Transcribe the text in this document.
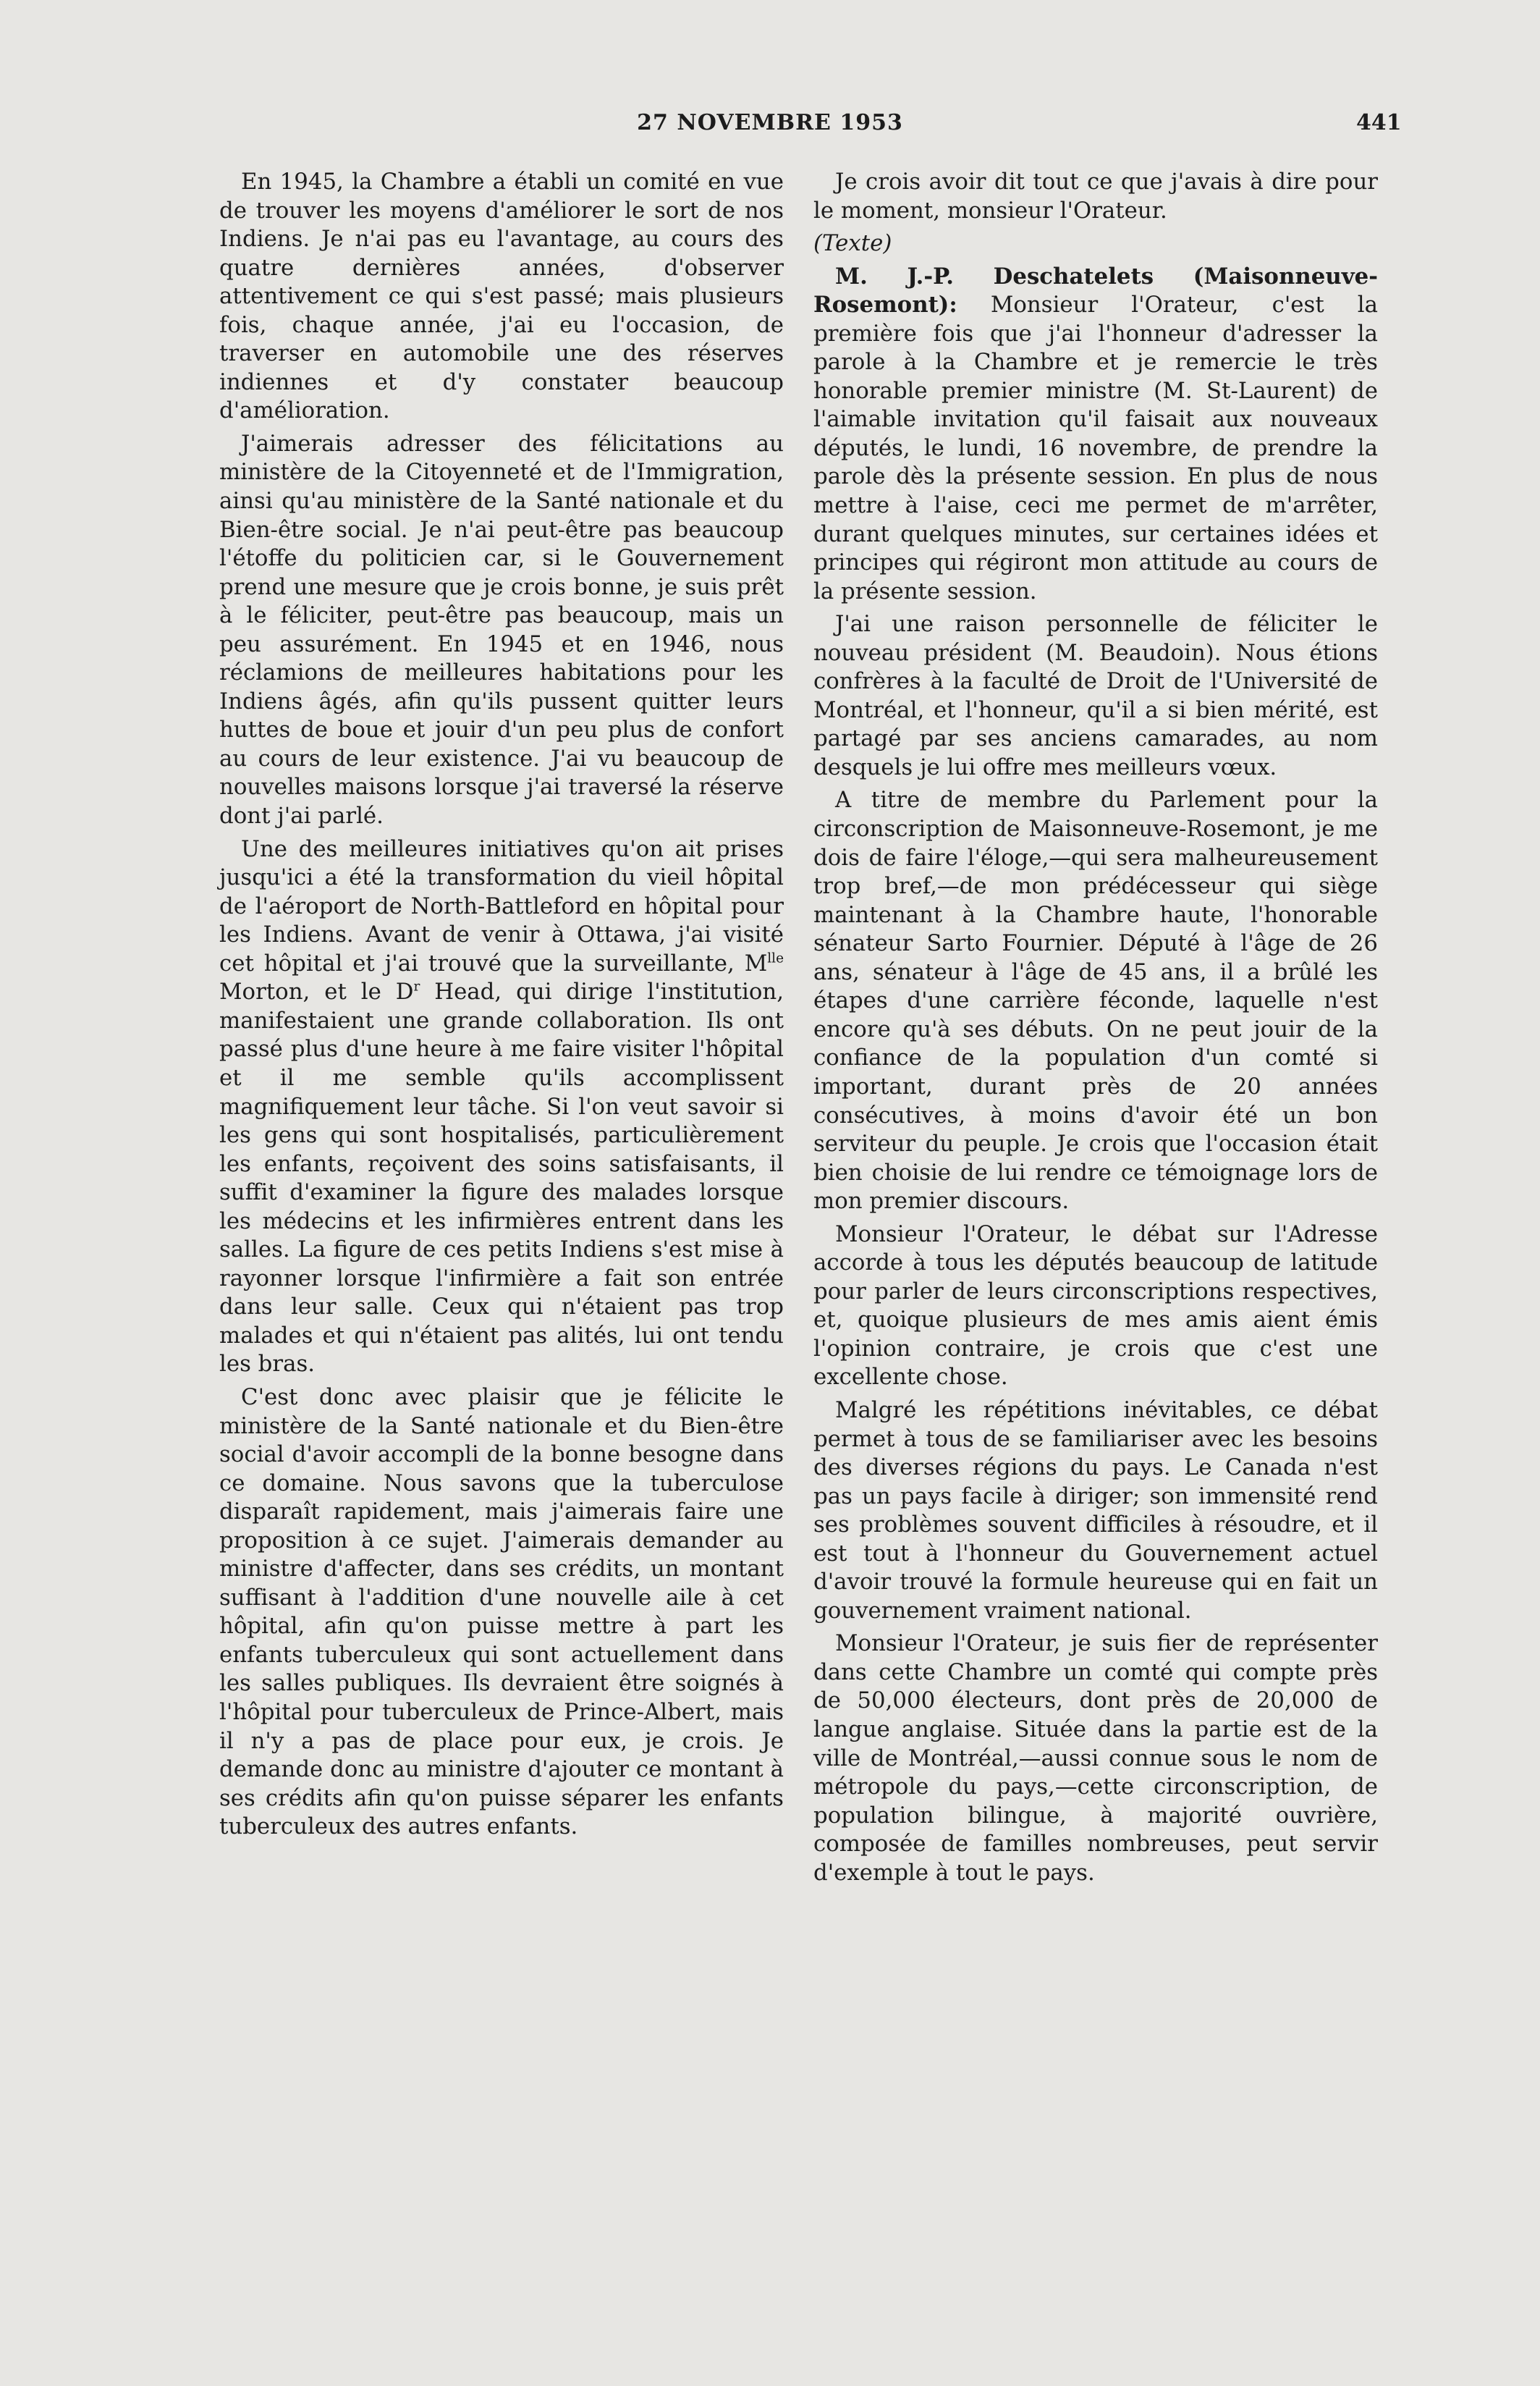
27 NOVEMBRE 1953	441

En 1945, la Chambre a établi un comité en vue de trouver les moyens d'améliorer le sort de nos Indiens. Je n'ai pas eu l'avantage, au cours des quatre dernières années, d'observer attentivement ce qui s'est passé; mais plusieurs fois, chaque année, j'ai eu l'occasion, de traverser en automobile une des réserves indiennes et d'y constater beaucoup d'amélioration.

J'aimerais adresser des félicitations au ministère de la Citoyenneté et de l'Immigration, ainsi qu'au ministère de la Santé nationale et du Bien-être social. Je n'ai peut-être pas beaucoup l'étoffe du politicien car, si le Gouvernement prend une mesure que je crois bonne, je suis prêt à le féliciter, peut-être pas beaucoup, mais un peu assurément. En 1945 et en 1946, nous réclamions de meilleures habitations pour les Indiens âgés, afin qu'ils pussent quitter leurs huttes de boue et jouir d'un peu plus de confort au cours de leur existence. J'ai vu beaucoup de nouvelles maisons lorsque j'ai traversé la réserve dont j'ai parlé.

Une des meilleures initiatives qu'on ait prises jusqu'ici a été la transformation du vieil hôpital de l'aéroport de North-Battleford en hôpital pour les Indiens. Avant de venir à Ottawa, j'ai visité cet hôpital et j'ai trouvé que la surveillante, $M^{lle}$ Morton, et le $D^r$ Head, qui dirige l'institution, manifestaient une grande collaboration. Ils ont passé plus d'une heure à me faire visiter l'hôpital et il me semble qu'ils accomplissent magnifiquement leur tâche. Si l'on veut savoir si les gens qui sont hospitalisés, particulièrement les enfants, reçoivent des soins satisfaisants, il suffit d'examiner la figure des malades lorsque les médecins et les infirmières entrent dans les salles. La figure de ces petits Indiens s'est mise à rayonner lorsque l'infirmière a fait son entrée dans leur salle. Ceux qui n'étaient pas trop malades et qui n'étaient pas alités, lui ont tendu les bras.

C'est donc avec plaisir que je félicite le ministère de la Santé nationale et du Bien-être social d'avoir accompli de la bonne besogne dans ce domaine. Nous savons que la tuberculose disparaît rapidement, mais j'aimerais faire une proposition à ce sujet. J'aimerais demander au ministre d'affecter, dans ses crédits, un montant suffisant à l'addition d'une nouvelle aile à cet hôpital, afin qu'on puisse mettre à part les enfants tuberculeux qui sont actuellement dans les salles publiques. Ils devraient être soignés à l'hôpital pour tuberculeux de Prince-Albert, mais il n'y a pas de place pour eux, je crois. Je demande donc au ministre d'ajouter ce montant à ses crédits afin qu'on puisse séparer les enfants tuberculeux des autres enfants.

Je crois avoir dit tout ce que j'avais à dire pour le moment, monsieur l'Orateur.

(Texte)

M. J.-P. Deschatelets (Maisonneuve-Rosemont): Monsieur l'Orateur, c'est la première fois que j'ai l'honneur d'adresser la parole à la Chambre et je remercie le très honorable premier ministre (M. St-Laurent) de l'aimable invitation qu'il faisait aux nouveaux députés, le lundi, 16 novembre, de prendre la parole dès la présente session. En plus de nous mettre à l'aise, ceci me permet de m'arrêter, durant quelques minutes, sur certaines idées et principes qui régiront mon attitude au cours de la présente session.

J'ai une raison personnelle de féliciter le nouveau président (M. Beaudoin). Nous étions confrères à la faculté de Droit de l'Université de Montréal, et l'honneur, qu'il a si bien mérité, est partagé par ses anciens camarades, au nom desquels je lui offre mes meilleurs vœux.

A titre de membre du Parlement pour la circonscription de Maisonneuve-Rosemont, je me dois de faire l'éloge,—qui sera malheureusement trop bref,—de mon prédécesseur qui siège maintenant à la Chambre haute, l'honorable sénateur Sarto Fournier. Député à l'âge de 26 ans, sénateur à l'âge de 45 ans, il a brûlé les étapes d'une carrière féconde, laquelle n'est encore qu'à ses débuts. On ne peut jouir de la confiance de la population d'un comté si important, durant près de 20 années consécutives, à moins d'avoir été un bon serviteur du peuple. Je crois que l'occasion était bien choisie de lui rendre ce témoignage lors de mon premier discours.

Monsieur l'Orateur, le débat sur l'Adresse accorde à tous les députés beaucoup de latitude pour parler de leurs circonscriptions respectives, et, quoique plusieurs de mes amis aient émis l'opinion contraire, je crois que c'est une excellente chose.

Malgré les répétitions inévitables, ce débat permet à tous de se familiariser avec les besoins des diverses régions du pays. Le Canada n'est pas un pays facile à diriger; son immensité rend ses problèmes souvent difficiles à résoudre, et il est tout à l'honneur du Gouvernement actuel d'avoir trouvé la formule heureuse qui en fait un gouvernement vraiment national.

Monsieur l'Orateur, je suis fier de représenter dans cette Chambre un comté qui compte près de 50,000 électeurs, dont près de 20,000 de langue anglaise. Située dans la partie est de la ville de Montréal,—aussi connue sous le nom de métropole du pays,—cette circonscription, de population bilingue, à majorité ouvrière, composée de familles nombreuses, peut servir d'exemple à tout le pays.
